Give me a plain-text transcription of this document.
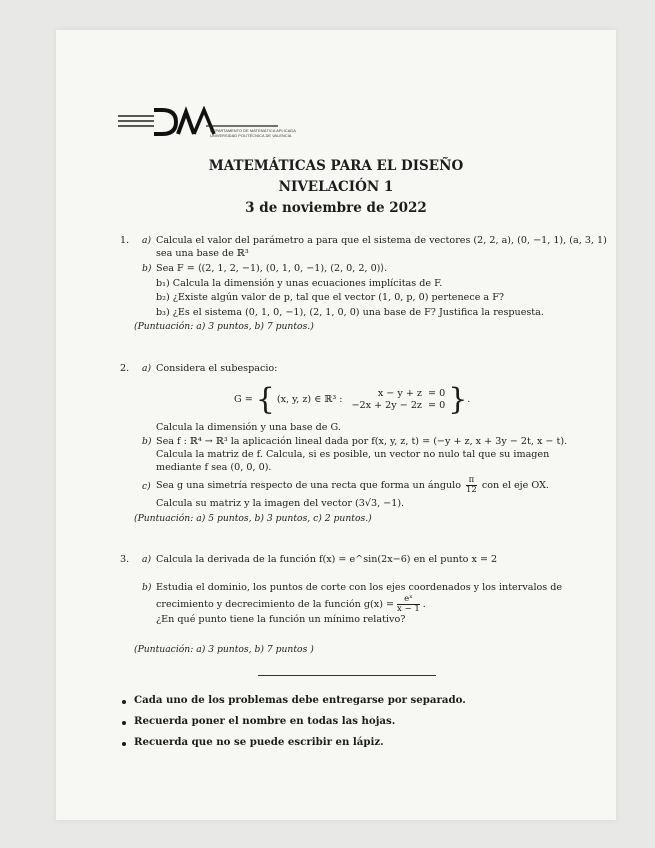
DEPARTAMENTO DE MATEMÁTICA APLICADA
UNIVERSIDAD POLITÉCNICA DE VALENCIA
MATEMÁTICAS PARA EL DISEÑO
NIVELACIÓN 1
3 de noviembre de 2022
1. a) Calcula el valor del parámetro a para que el sistema de vectores (2, 2, a), (0, −1, 1), (a, 3, 1)
sea una base de ℝ³
b) Sea F = ⟨(2, 1, 2, −1), (0, 1, 0, −1), (2, 0, 2, 0)⟩.
b₁) Calcula la dimensión y unas ecuaciones implícitas de F.
b₂) ¿Existe algún valor de p, tal que el vector (1, 0, p, 0) pertenece a F?
b₃) ¿Es el sistema (0, 1, 0, −1), (2, 1, 0, 0) una base de F? Justifica la respuesta.
(Puntuación: a) 3 puntos, b) 7 puntos.)
2. a) Considera el subespacio:
G = { (x, y, z) ∈ ℝ³ :
x − y + z	= 0
−2x + 2y − 2z	= 0 } .
Calcula la dimensión y una base de G.
b) Sea f : ℝ⁴ → ℝ³ la aplicación lineal dada por f(x, y, z, t) = (−y + z, x + 3y − 2t, x − t).
Calcula la matriz de f. Calcula, si es posible, un vector no nulo tal que su imagen
mediante f sea (0, 0, 0).
c) Sea g una simetría respecto de una recta que forma un ángulo $\frac{\pi}{12}$ con el eje OX.
Calcula su matriz y la imagen del vector (3√3, −1).
(Puntuación: a) 5 puntos, b) 3 puntos, c) 2 puntos.)
3. a) Calcula la derivada de la función f(x) = e^sin(2x−6) en el punto x = 2
b) Estudia el dominio, los puntos de corte con los ejes coordenados y los intervalos de
crecimiento y decrecimiento de la función $g(x) = \frac{\text{eˣ}}{x - 1}$ .
¿En qué punto tiene la función un mínimo relativo?
(Puntuación: a) 3 puntos, b) 7 puntos )
Cada uno de los problemas debe entregarse por separado.
Recuerda poner el nombre en todas las hojas.
Recuerda que no se puede escribir en lápiz.
